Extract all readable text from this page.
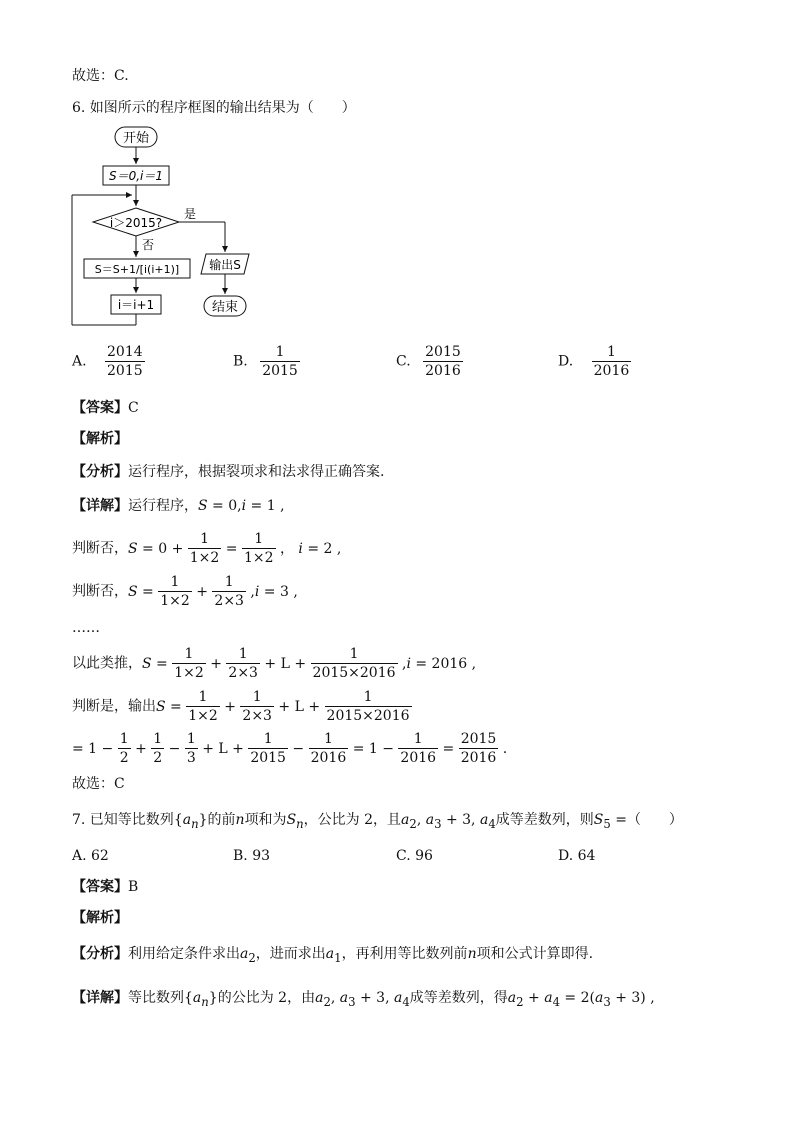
故选：C.
6. 如图所示的程序框图的输出结果为（　　）
开始
S＝0,i＝1
i＞2015?
是
否
S＝S+1/[i(i+1)]
i＝i+1
输出S
结束
A. $\frac{2014}{2015}$	B. $\frac{1}{2015}$	C. $\frac{2015}{2016}$	D. $\frac{1}{2016}$
【答案】C
【解析】
【分析】运行程序，根据裂项求和法求得正确答案.
【详解】运行程序，S = 0,i = 1 ,
判断否，$S = 0 + \frac{1}{1\times 2} = \frac{1}{1\times 2}$ ， i = 2 ,
判断否，$S = \frac{1}{1\times 2} + \frac{1}{2\times 3} ,i = 3$ ,
……
以此类推，$S = \frac{1}{1\times 2} + \frac{1}{2\times 3} + L + \frac{1}{2015\times 2016} ,i = 2016$ ,
判断是，输出$S = \frac{1}{1\times 2} + \frac{1}{2\times 3} + L + \frac{1}{2015\times 2016}$
= $1 - \frac{1}{2} + \frac{1}{2} - \frac{1}{3} + L + \frac{1}{2015} - \frac{1}{2016} = 1 - \frac{1}{2016} = \frac{2015}{2016}$ .
故选：C
7. 已知等比数列$\{a_n\}$的前n项和为$S_n$，公比为 2，且$a_2$, $a_3 + 3$, $a_4$成等差数列，则$S_5$ =（　　）
A. 62	B. 93	C. 96	D. 64
【答案】B
【解析】
【分析】利用给定条件求出$a_2$，进而求出$a_1$，再利用等比数列前n项和公式计算即得.
【详解】等比数列$\{a_n\}$的公比为 2，由$a_2$, $a_3 + 3$, $a_4$成等差数列，得$a_2 + a_4 = 2(a_3 + 3)$ ,
